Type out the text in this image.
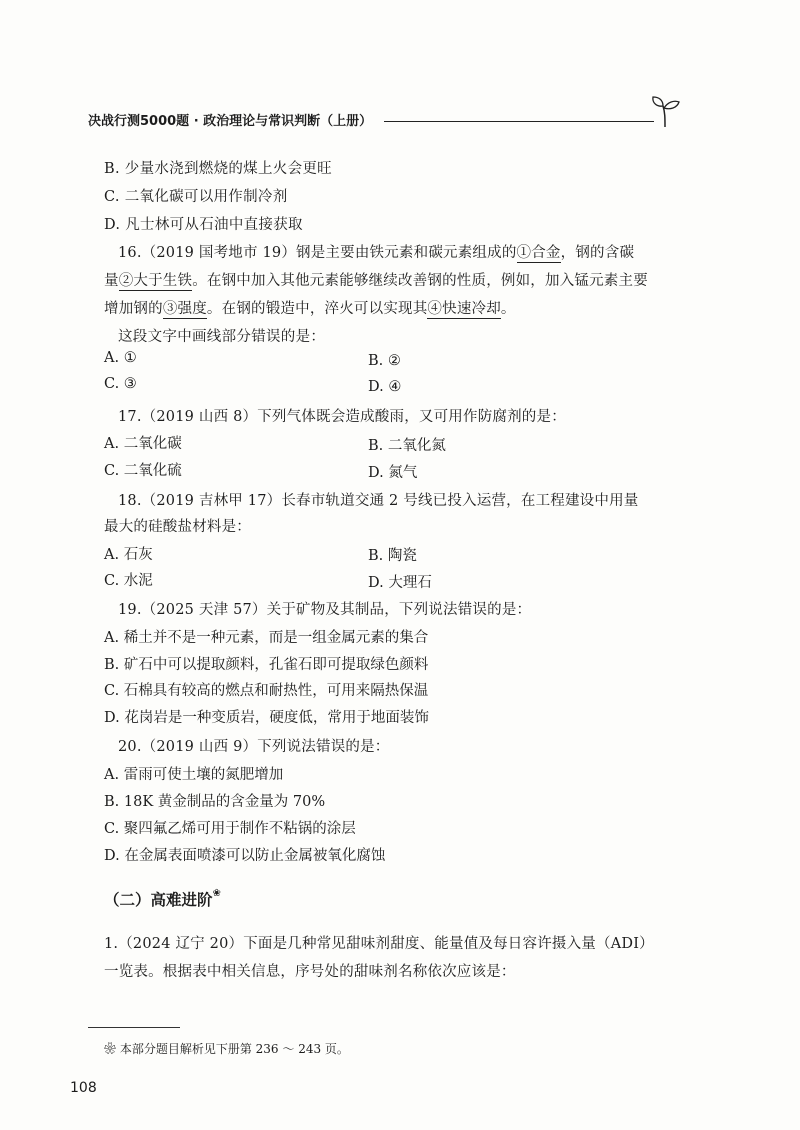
决战行测5000题 · 政治理论与常识判断（上册）
B. 少量水浇到燃烧的煤上火会更旺
C. 二氧化碳可以用作制冷剂
D. 凡士林可从石油中直接获取
16.（2019 国考地市 19）钢是主要由铁元素和碳元素组成的①合金，钢的含碳
量②大于生铁。在钢中加入其他元素能够继续改善钢的性质，例如，加入锰元素主要
增加钢的③强度。在钢的锻造中，淬火可以实现其④快速冷却。
这段文字中画线部分错误的是：
A. ①	B. ②
C. ③	D. ④
17.（2019 山西 8）下列气体既会造成酸雨，又可用作防腐剂的是：
A. 二氧化碳	B. 二氧化氮
C. 二氧化硫	D. 氮气
18.（2019 吉林甲 17）长春市轨道交通 2 号线已投入运营，在工程建设中用量
最大的硅酸盐材料是：
A. 石灰	B. 陶瓷
C. 水泥	D. 大理石
19.（2025 天津 57）关于矿物及其制品，下列说法错误的是：
A. 稀土并不是一种元素，而是一组金属元素的集合
B. 矿石中可以提取颜料，孔雀石即可提取绿色颜料
C. 石棉具有较高的燃点和耐热性，可用来隔热保温
D. 花岗岩是一种变质岩，硬度低，常用于地面装饰
20.（2019 山西 9）下列说法错误的是：
A. 雷雨可使土壤的氮肥增加
B. 18K 黄金制品的含金量为 70%
C. 聚四氟乙烯可用于制作不粘锅的涂层
D. 在金属表面喷漆可以防止金属被氧化腐蚀
（二）高难进阶❀
1.（2024 辽宁 20）下面是几种常见甜味剂甜度、能量值及每日容许摄入量（ADI）
一览表。根据表中相关信息，序号处的甜味剂名称依次应该是：
❀ 本部分题目解析见下册第 236 ～ 243 页。
108
